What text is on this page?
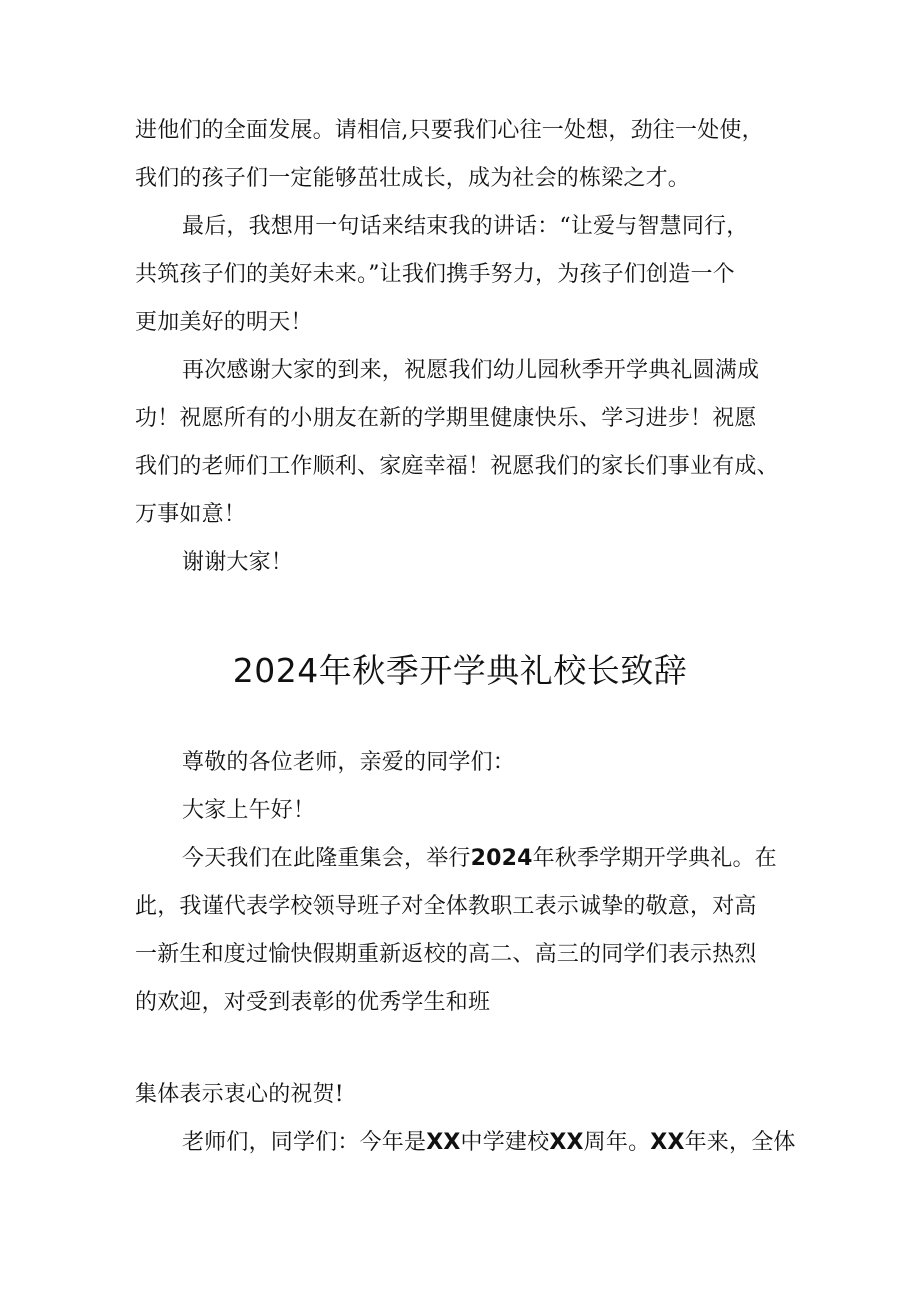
进他们的全面发展。请相信,只要我们心往一处想，劲往一处使，
我们的孩子们一定能够茁壮成长，成为社会的栋梁之才。
最后，我想用一句话来结束我的讲话：“让爱与智慧同行，
共筑孩子们的美好未来。”让我们携手努力，为孩子们创造一个
更加美好的明天！
再次感谢大家的到来，祝愿我们幼儿园秋季开学典礼圆满成
功！祝愿所有的小朋友在新的学期里健康快乐、学习进步！祝愿
我们的老师们工作顺利、家庭幸福！祝愿我们的家长们事业有成、
万事如意！
谢谢大家！
2024年秋季开学典礼校长致辞
尊敬的各位老师，亲爱的同学们：
大家上午好！
今天我们在此隆重集会，举行2024年秋季学期开学典礼。在
此，我谨代表学校领导班子对全体教职工表示诚挚的敬意，对高
一新生和度过愉快假期重新返校的高二、高三的同学们表示热烈
的欢迎，对受到表彰的优秀学生和班
集体表示衷心的祝贺!
老师们，同学们：今年是XX中学建校XX周年。XX年来，全体
